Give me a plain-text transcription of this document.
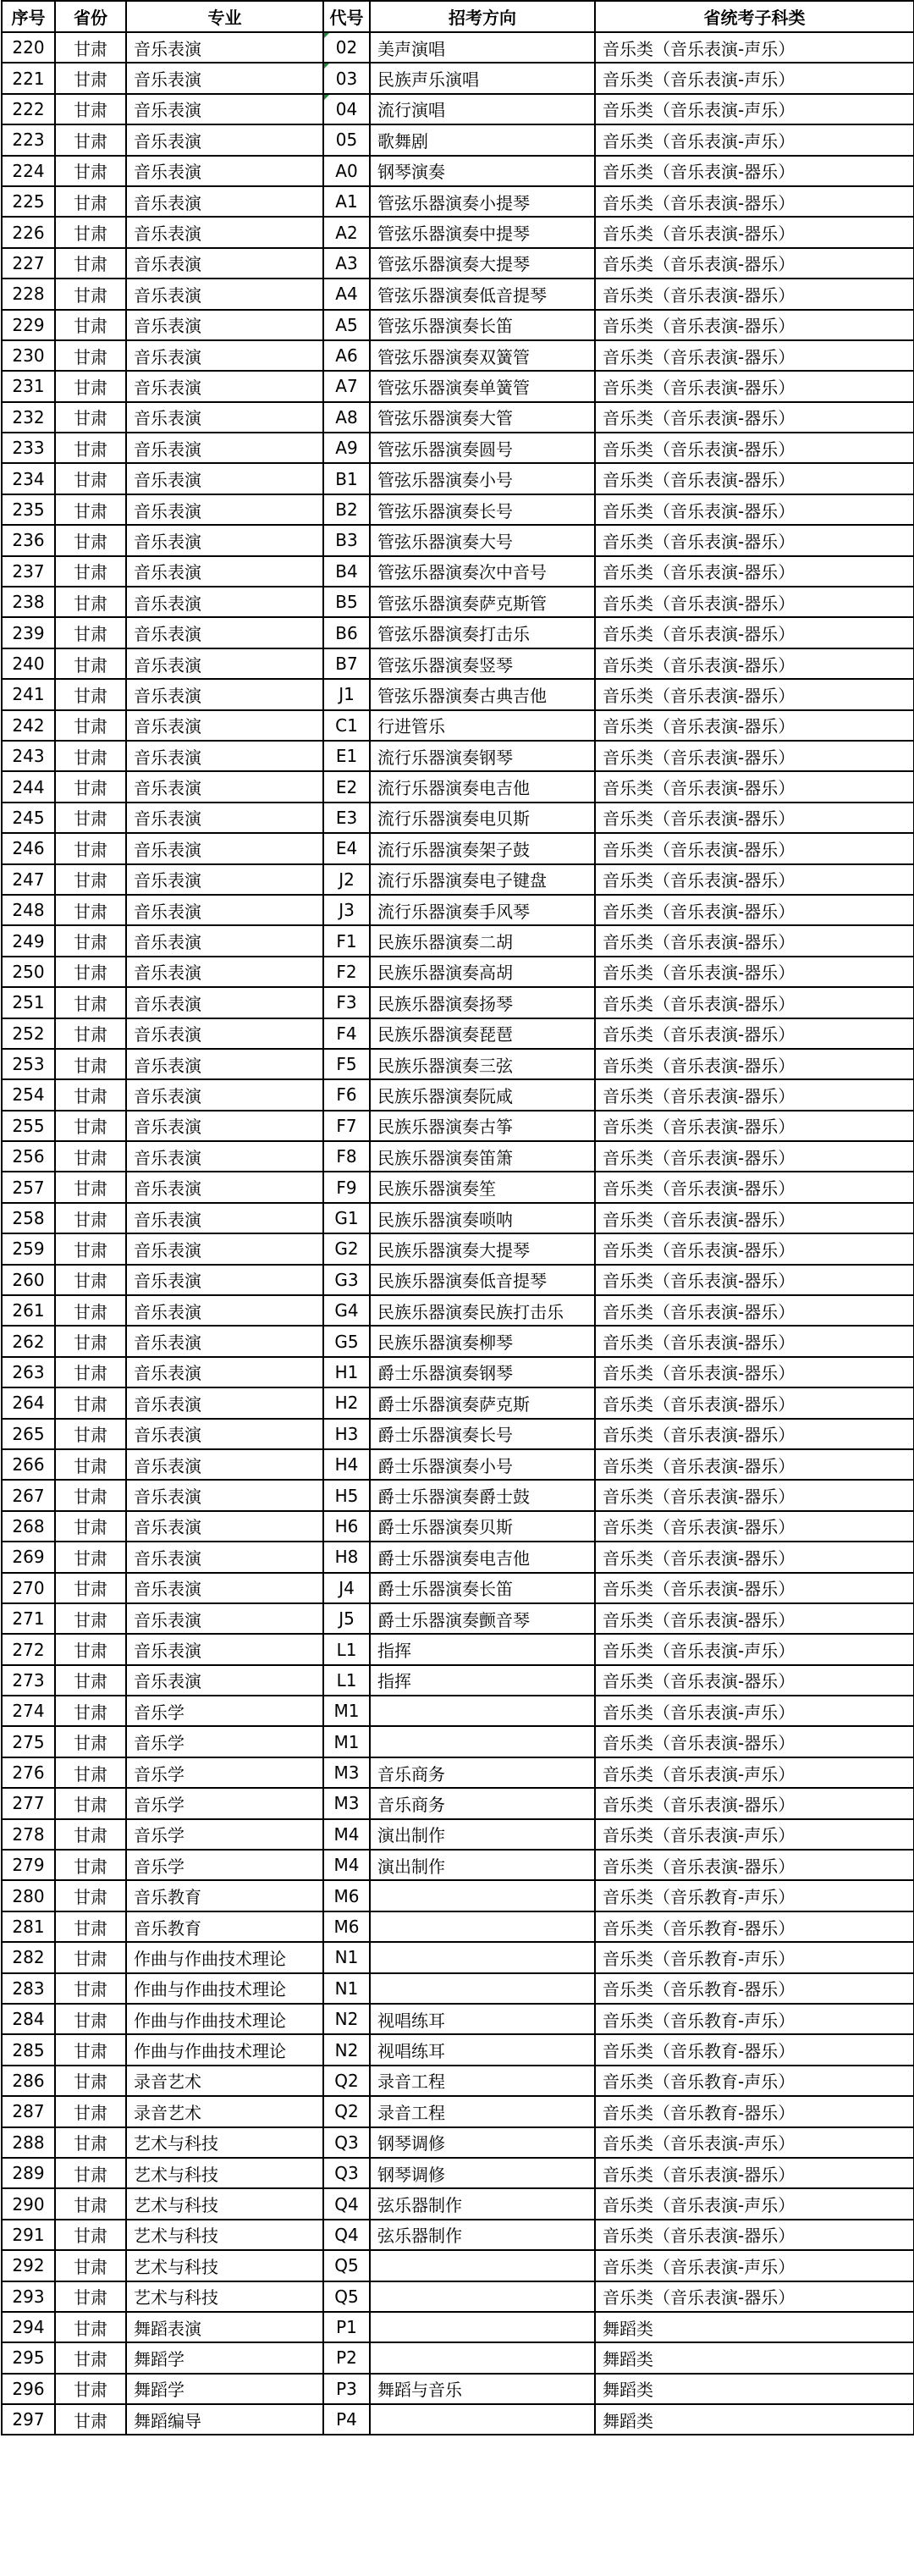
序号	省份	专业	代号	招考方向	省统考子科类
220	甘肃	音乐表演	02	美声演唱	音乐类（音乐表演-声乐）
221	甘肃	音乐表演	03	民族声乐演唱	音乐类（音乐表演-声乐）
222	甘肃	音乐表演	04	流行演唱	音乐类（音乐表演-声乐）
223	甘肃	音乐表演	05	歌舞剧	音乐类（音乐表演-声乐）
224	甘肃	音乐表演	A0	钢琴演奏	音乐类（音乐表演-器乐）
225	甘肃	音乐表演	A1	管弦乐器演奏小提琴	音乐类（音乐表演-器乐）
226	甘肃	音乐表演	A2	管弦乐器演奏中提琴	音乐类（音乐表演-器乐）
227	甘肃	音乐表演	A3	管弦乐器演奏大提琴	音乐类（音乐表演-器乐）
228	甘肃	音乐表演	A4	管弦乐器演奏低音提琴	音乐类（音乐表演-器乐）
229	甘肃	音乐表演	A5	管弦乐器演奏长笛	音乐类（音乐表演-器乐）
230	甘肃	音乐表演	A6	管弦乐器演奏双簧管	音乐类（音乐表演-器乐）
231	甘肃	音乐表演	A7	管弦乐器演奏单簧管	音乐类（音乐表演-器乐）
232	甘肃	音乐表演	A8	管弦乐器演奏大管	音乐类（音乐表演-器乐）
233	甘肃	音乐表演	A9	管弦乐器演奏圆号	音乐类（音乐表演-器乐）
234	甘肃	音乐表演	B1	管弦乐器演奏小号	音乐类（音乐表演-器乐）
235	甘肃	音乐表演	B2	管弦乐器演奏长号	音乐类（音乐表演-器乐）
236	甘肃	音乐表演	B3	管弦乐器演奏大号	音乐类（音乐表演-器乐）
237	甘肃	音乐表演	B4	管弦乐器演奏次中音号	音乐类（音乐表演-器乐）
238	甘肃	音乐表演	B5	管弦乐器演奏萨克斯管	音乐类（音乐表演-器乐）
239	甘肃	音乐表演	B6	管弦乐器演奏打击乐	音乐类（音乐表演-器乐）
240	甘肃	音乐表演	B7	管弦乐器演奏竖琴	音乐类（音乐表演-器乐）
241	甘肃	音乐表演	J1	管弦乐器演奏古典吉他	音乐类（音乐表演-器乐）
242	甘肃	音乐表演	C1	行进管乐	音乐类（音乐表演-器乐）
243	甘肃	音乐表演	E1	流行乐器演奏钢琴	音乐类（音乐表演-器乐）
244	甘肃	音乐表演	E2	流行乐器演奏电吉他	音乐类（音乐表演-器乐）
245	甘肃	音乐表演	E3	流行乐器演奏电贝斯	音乐类（音乐表演-器乐）
246	甘肃	音乐表演	E4	流行乐器演奏架子鼓	音乐类（音乐表演-器乐）
247	甘肃	音乐表演	J2	流行乐器演奏电子键盘	音乐类（音乐表演-器乐）
248	甘肃	音乐表演	J3	流行乐器演奏手风琴	音乐类（音乐表演-器乐）
249	甘肃	音乐表演	F1	民族乐器演奏二胡	音乐类（音乐表演-器乐）
250	甘肃	音乐表演	F2	民族乐器演奏高胡	音乐类（音乐表演-器乐）
251	甘肃	音乐表演	F3	民族乐器演奏扬琴	音乐类（音乐表演-器乐）
252	甘肃	音乐表演	F4	民族乐器演奏琵琶	音乐类（音乐表演-器乐）
253	甘肃	音乐表演	F5	民族乐器演奏三弦	音乐类（音乐表演-器乐）
254	甘肃	音乐表演	F6	民族乐器演奏阮咸	音乐类（音乐表演-器乐）
255	甘肃	音乐表演	F7	民族乐器演奏古筝	音乐类（音乐表演-器乐）
256	甘肃	音乐表演	F8	民族乐器演奏笛箫	音乐类（音乐表演-器乐）
257	甘肃	音乐表演	F9	民族乐器演奏笙	音乐类（音乐表演-器乐）
258	甘肃	音乐表演	G1	民族乐器演奏唢呐	音乐类（音乐表演-器乐）
259	甘肃	音乐表演	G2	民族乐器演奏大提琴	音乐类（音乐表演-器乐）
260	甘肃	音乐表演	G3	民族乐器演奏低音提琴	音乐类（音乐表演-器乐）
261	甘肃	音乐表演	G4	民族乐器演奏民族打击乐	音乐类（音乐表演-器乐）
262	甘肃	音乐表演	G5	民族乐器演奏柳琴	音乐类（音乐表演-器乐）
263	甘肃	音乐表演	H1	爵士乐器演奏钢琴	音乐类（音乐表演-器乐）
264	甘肃	音乐表演	H2	爵士乐器演奏萨克斯	音乐类（音乐表演-器乐）
265	甘肃	音乐表演	H3	爵士乐器演奏长号	音乐类（音乐表演-器乐）
266	甘肃	音乐表演	H4	爵士乐器演奏小号	音乐类（音乐表演-器乐）
267	甘肃	音乐表演	H5	爵士乐器演奏爵士鼓	音乐类（音乐表演-器乐）
268	甘肃	音乐表演	H6	爵士乐器演奏贝斯	音乐类（音乐表演-器乐）
269	甘肃	音乐表演	H8	爵士乐器演奏电吉他	音乐类（音乐表演-器乐）
270	甘肃	音乐表演	J4	爵士乐器演奏长笛	音乐类（音乐表演-器乐）
271	甘肃	音乐表演	J5	爵士乐器演奏颤音琴	音乐类（音乐表演-器乐）
272	甘肃	音乐表演	L1	指挥	音乐类（音乐表演-声乐）
273	甘肃	音乐表演	L1	指挥	音乐类（音乐表演-器乐）
274	甘肃	音乐学	M1		音乐类（音乐表演-声乐）
275	甘肃	音乐学	M1		音乐类（音乐表演-器乐）
276	甘肃	音乐学	M3	音乐商务	音乐类（音乐表演-声乐）
277	甘肃	音乐学	M3	音乐商务	音乐类（音乐表演-器乐）
278	甘肃	音乐学	M4	演出制作	音乐类（音乐表演-声乐）
279	甘肃	音乐学	M4	演出制作	音乐类（音乐表演-器乐）
280	甘肃	音乐教育	M6		音乐类（音乐教育-声乐）
281	甘肃	音乐教育	M6		音乐类（音乐教育-器乐）
282	甘肃	作曲与作曲技术理论	N1		音乐类（音乐教育-声乐）
283	甘肃	作曲与作曲技术理论	N1		音乐类（音乐教育-器乐）
284	甘肃	作曲与作曲技术理论	N2	视唱练耳	音乐类（音乐教育-声乐）
285	甘肃	作曲与作曲技术理论	N2	视唱练耳	音乐类（音乐教育-器乐）
286	甘肃	录音艺术	Q2	录音工程	音乐类（音乐教育-声乐）
287	甘肃	录音艺术	Q2	录音工程	音乐类（音乐教育-器乐）
288	甘肃	艺术与科技	Q3	钢琴调修	音乐类（音乐表演-声乐）
289	甘肃	艺术与科技	Q3	钢琴调修	音乐类（音乐表演-器乐）
290	甘肃	艺术与科技	Q4	弦乐器制作	音乐类（音乐表演-声乐）
291	甘肃	艺术与科技	Q4	弦乐器制作	音乐类（音乐表演-器乐）
292	甘肃	艺术与科技	Q5		音乐类（音乐表演-声乐）
293	甘肃	艺术与科技	Q5		音乐类（音乐表演-器乐）
294	甘肃	舞蹈表演	P1		舞蹈类
295	甘肃	舞蹈学	P2		舞蹈类
296	甘肃	舞蹈学	P3	舞蹈与音乐	舞蹈类
297	甘肃	舞蹈编导	P4		舞蹈类
